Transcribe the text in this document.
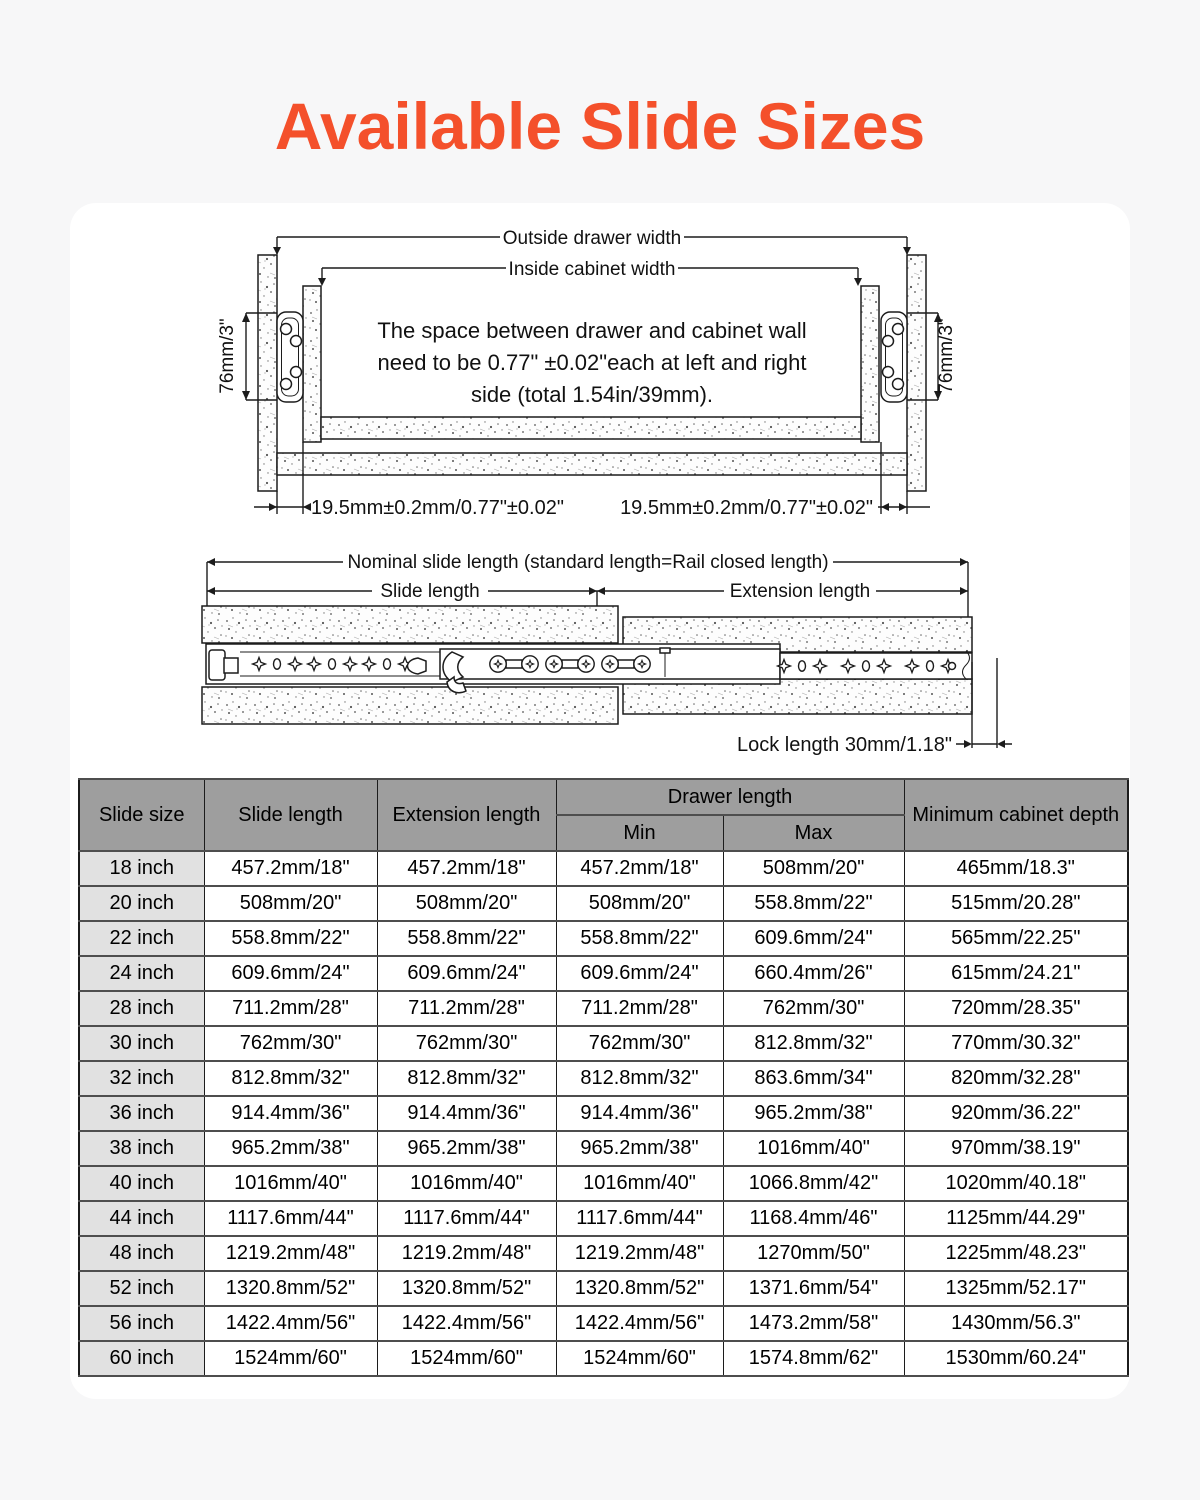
Available Slide Sizes
Outside drawer width
Inside cabinet width
76mm/3"	76mm/3"
The space between drawer and cabinet wall
need to be 0.77" ±0.02"each at left and right
side (total 1.54in/39mm).
19.5mm±0.2mm/0.77"±0.02"	19.5mm±0.2mm/0.77"±0.02"
Nominal slide length (standard length=Rail closed length)
Slide length	Extension length
Lock length 30mm/1.18"
Slide size	Slide length	Extension length	Drawer length		Minimum cabinet depth
			Min	Max	
18 inch	457.2mm/18"	457.2mm/18"	457.2mm/18"	508mm/20"	465mm/18.3"
20 inch	508mm/20"	508mm/20"	508mm/20"	558.8mm/22"	515mm/20.28"
22 inch	558.8mm/22"	558.8mm/22"	558.8mm/22"	609.6mm/24"	565mm/22.25"
24 inch	609.6mm/24"	609.6mm/24"	609.6mm/24"	660.4mm/26"	615mm/24.21"
28 inch	711.2mm/28"	711.2mm/28"	711.2mm/28"	762mm/30"	720mm/28.35"
30 inch	762mm/30"	762mm/30"	762mm/30"	812.8mm/32"	770mm/30.32"
32 inch	812.8mm/32"	812.8mm/32"	812.8mm/32"	863.6mm/34"	820mm/32.28"
36 inch	914.4mm/36"	914.4mm/36"	914.4mm/36"	965.2mm/38"	920mm/36.22"
38 inch	965.2mm/38"	965.2mm/38"	965.2mm/38"	1016mm/40"	970mm/38.19"
40 inch	1016mm/40"	1016mm/40"	1016mm/40"	1066.8mm/42"	1020mm/40.18"
44 inch	1117.6mm/44"	1117.6mm/44"	1117.6mm/44"	1168.4mm/46"	1125mm/44.29"
48 inch	1219.2mm/48"	1219.2mm/48"	1219.2mm/48"	1270mm/50"	1225mm/48.23"
52 inch	1320.8mm/52"	1320.8mm/52"	1320.8mm/52"	1371.6mm/54"	1325mm/52.17"
56 inch	1422.4mm/56"	1422.4mm/56"	1422.4mm/56"	1473.2mm/58"	1430mm/56.3"
60 inch	1524mm/60"	1524mm/60"	1524mm/60"	1574.8mm/62"	1530mm/60.24"
